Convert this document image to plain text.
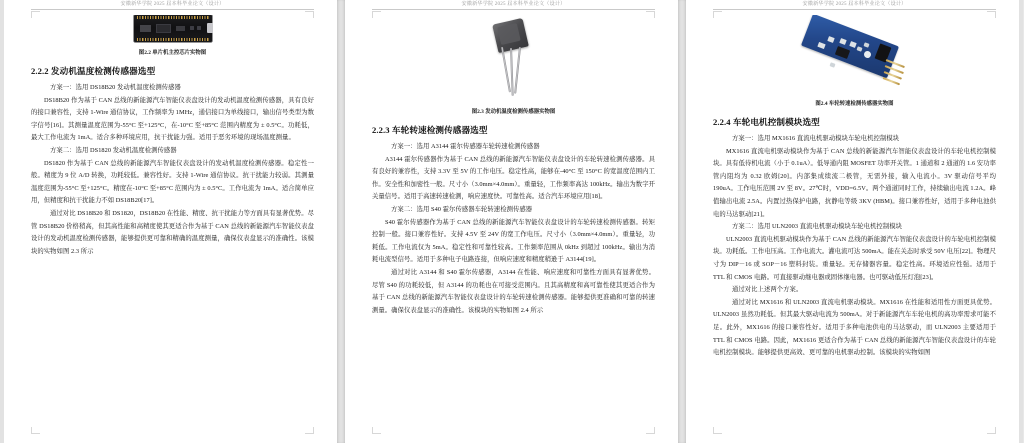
安徽新华学院 2025 届本科毕业论文（设计）
图2.2 单片机主控芯片实物图
2.2.2 发动机温度检测传感器选型

方案一：选用 DS18B20 发动机温度检测传感器

DS18B20 作为基于 CAN 总线的新能源汽车智能仪表盘设计的发动机温度检测传感器，具有良好的接口兼容性，支持 1-Wire 通信协议，工作频率为 1MHz，通信接口为单线接口，输出信号类型为数字信号[16]。其测量温度范围为-55°C 至+125°C，在-10°C 至+85°C 范围内精度为 ± 0.5°C。功耗低，最大工作电流为 1mA。适合多种环境应用，抗干扰能力强。适用于恶劣环境的现场温度测量。

方案二：选用 DS1820 发动机温度检测传感器

DS1820 作为基于 CAN 总线的新能源汽车智能仪表盘设计的发动机温度检测传感器。稳定性一般。精度为 9 位 A/D 转换，功耗较低。兼容性好。支持 1-Wire 通信协议。抗干扰能力较弱。其测量温度范围为-55°C 至+125°C。精度在-10°C 至+85°C 范围内为 ± 0.5°C。工作电流为 1mA。适合简单应用，但精度和抗干扰能力不如 DS18B20[17]。

通过对比 DS18B20 和 DS1820，DS18B20 在性能、精度、抗干扰能力等方面具有显著优势。尽管 DS18B20 价格稍高，但其高性能和高精度使其更适合作为基于 CAN 总线的新能源汽车智能仪表盘设计的发动机温度检测传感器，能够提供更可靠和精确的温度测量，确保仪表盘显示的准确性。该模块的实物如图 2.3 所示

安徽新华学院 2025 届本科毕业论文（设计）
图2.3 发动机温度检测传感器实物图
2.2.3 车轮转速检测传感器选型

方案一：选用 A3144 霍尔传感器车轮转速检测传感器

A3144 霍尔传感器作为基于 CAN 总线的新能源汽车智能仪表盘设计的车轮转速检测传感器。具有良好的兼容性，支持 3.3V 至 5V 的工作电压。稳定性高，能够在-40°C 至 150°C 的宽温度范围内工作。安全性和加密性一般。尺寸小（3.0mm×4.0mm）。重量轻，工作频率高达 100kHz。输出为数字开关量信号。适用于高速转速检测，响应速度快。可靠性高。适合汽车环境应用[18]。

方案二：选用 S40 霍尔传感器车轮转速检测传感器

S40 霍尔传感器作为基于 CAN 总线的新能源汽车智能仪表盘设计的车轮转速检测传感器。转矩控制一般。接口兼容性好。支持 4.5V 至 24V 的宽工作电压。尺寸小（3.0mm×4.0mm）。重量轻，功耗低。工作电流仅为 5mA。稳定性和可靠性较高。工作频率范围从 0kHz 到超过 100kHz。输出为消耗电流型信号。适用于多种电子电路连接，但响应速度和精度稍逊于 A3144[19]。

通过对比 A3144 和 S40 霍尔传感器，A3144 在性能、响应速度和可靠性方面具有显著优势。尽管 S40 的功耗较低，但 A3144 的功耗也在可接受范围内。且其高精度和高可靠性使其更适合作为基于 CAN 总线的新能源汽车智能仪表盘设计的车轮转速检测传感器。能够提供更准确和可靠的转速测量。确保仪表盘显示的准确性。该模块的实物如图 2.4 所示

安徽新华学院 2025 届本科毕业论文（设计）
图2.4 车轮转速检测传感器实物图
2.2.4 车轮电机控制模块选型

方案一：选用 MX1616 直流电机驱动模块车轮电机控制模块

MX1616 直流电机驱动模块作为基于 CAN 总线的新能源汽车智能仪表盘设计的车轮电机控制模块。具有低待机电流（小于 0.1uA）。低导通内阻 MOSFET 功率开关管。1 通道和 2 通道的 1.6 安功率管内阻均为 0.32 欧姆[20]。内部集成续流二极管，无需外接，输入电流小。3V 驱动信号平均 190uA。工作电压范围 2V 至 8V。27℃时，VDD=6.5V。两个通道同时工作，持续输出电流 1.2A。峰值输出电流 2.5A。内置过热保护电路，抗静电等级 3KV (HBM)。接口兼容性好，适用于多种电池供电的马达驱动[21]。

方案二：选用 ULN2003 直流电机驱动模块车轮电机控制模块

ULN2003 直流电机驱动模块作为基于 CAN 总线的新能源汽车智能仪表盘设计的车轮电机控制模块。功耗低。工作电压高。工作电流大。灌电流可达 500mA。能在关态时承受 50V 电压[22]。物理尺寸为 DIP－16 或 SOP－16 塑料封装。重量轻。无存储器容量。稳定性高。环境适应性强。适用于 TTL 和 CMOS 电路。可直接驱动继电器或固体继电器。也可驱动低压灯泡[23]。

通过对比上述两个方案。

通过对比 MX1616 和 ULN2003 直流电机驱动模块。MX1616 在性能和适用性方面更具优势。ULN2003 虽然功耗低。但其最大驱动电流为 500mA。对于新能源汽车车轮电机的高功率需求可能不足。此外，MX1616 的接口兼容性好。适用于多种电池供电的马达驱动，而 ULN2003 主要适用于 TTL 和 CMOS 电路。因此，MX1616 更适合作为基于 CAN 总线的新能源汽车智能仪表盘设计的车轮电机控制模块。能够提供更高效、更可靠的电机驱动控制。该模块的实物如图
